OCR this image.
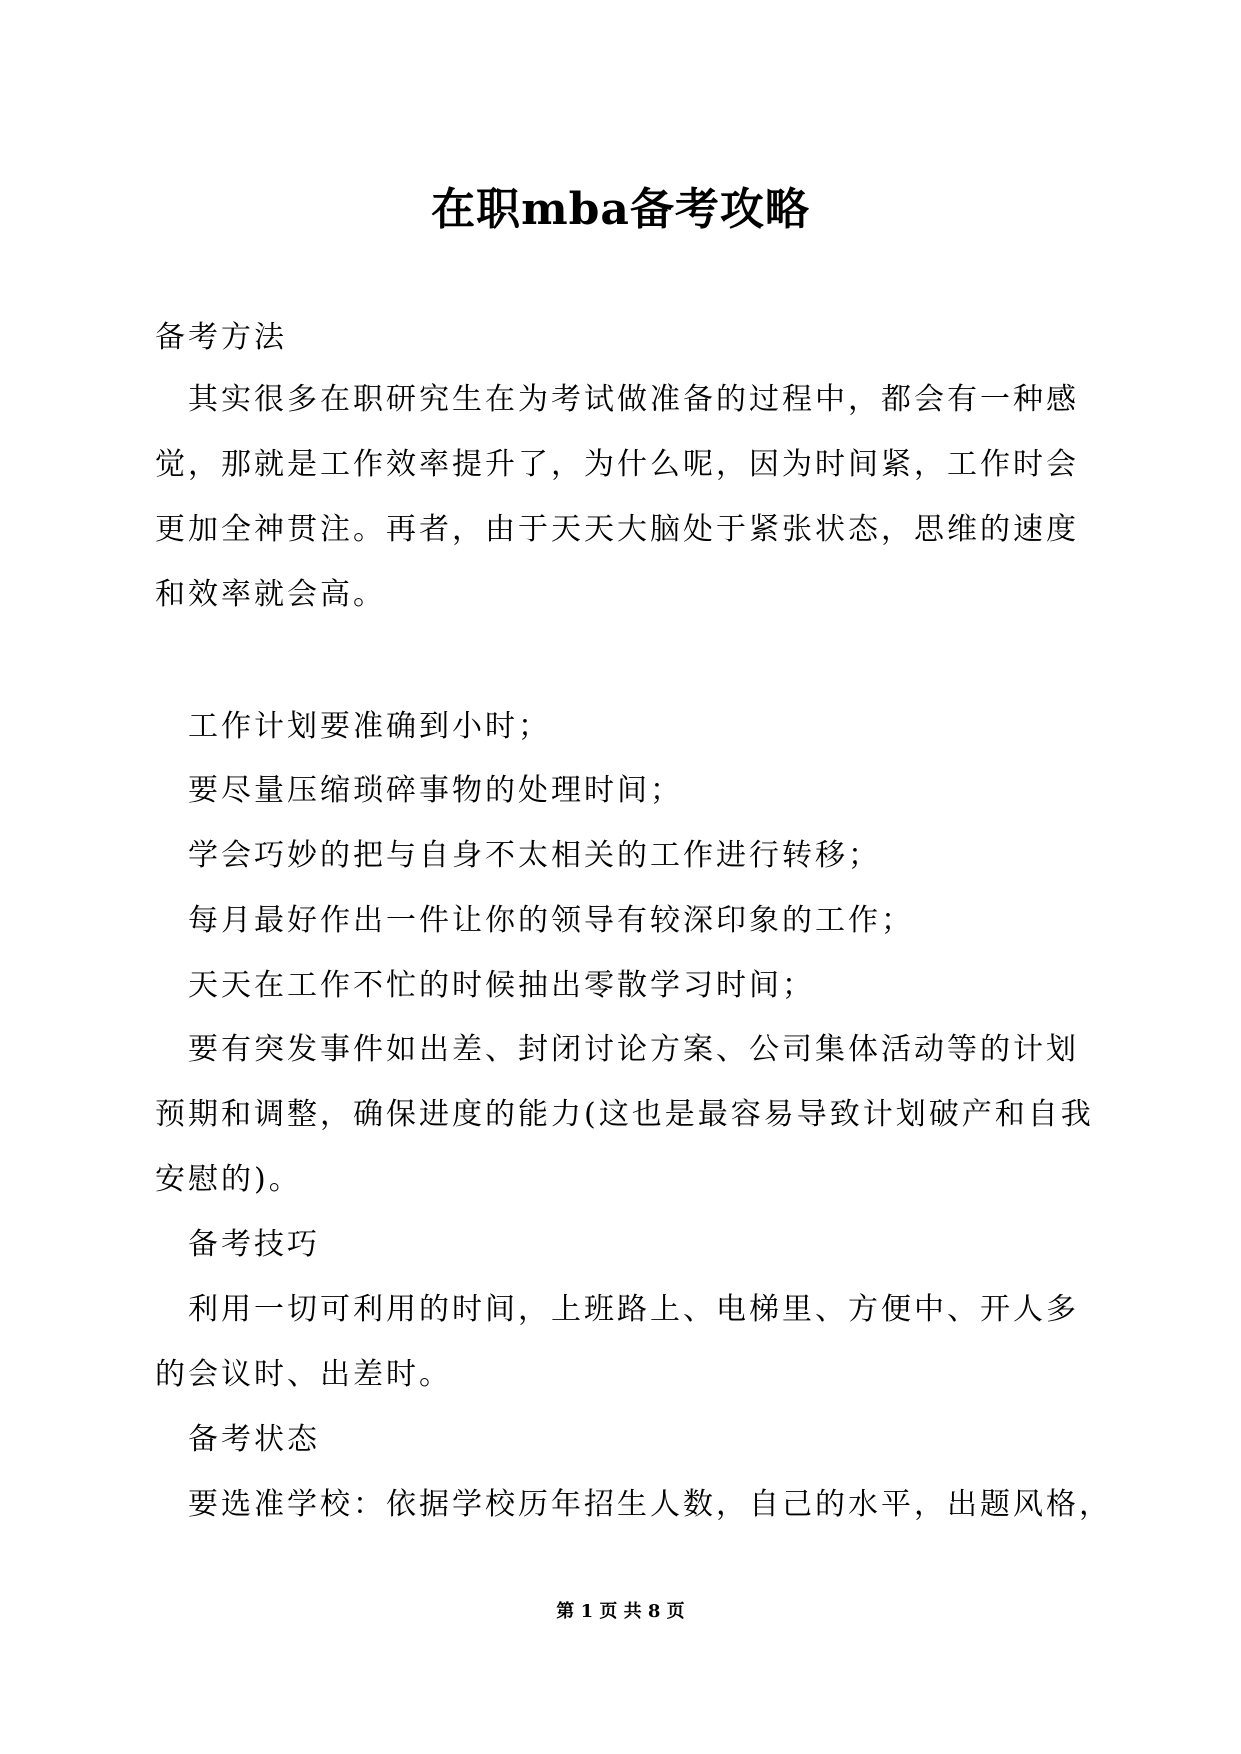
在职mba备考攻略
备考方法
其实很多在职研究生在为考试做准备的过程中，都会有一种感
觉，那就是工作效率提升了，为什么呢，因为时间紧，工作时会
更加全神贯注。再者，由于天天大脑处于紧张状态，思维的速度
和效率就会高。
工作计划要准确到小时；
要尽量压缩琐碎事物的处理时间；
学会巧妙的把与自身不太相关的工作进行转移；
每月最好作出一件让你的领导有较深印象的工作；
天天在工作不忙的时候抽出零散学习时间；
要有突发事件如出差、封闭讨论方案、公司集体活动等的计划
预期和调整，确保进度的能力(这也是最容易导致计划破产和自我
安慰的)。
备考技巧
利用一切可利用的时间，上班路上、电梯里、方便中、开人多
的会议时、出差时。
备考状态
要选准学校：依据学校历年招生人数，自己的水平，出题风格，
第 1 页 共 8 页
